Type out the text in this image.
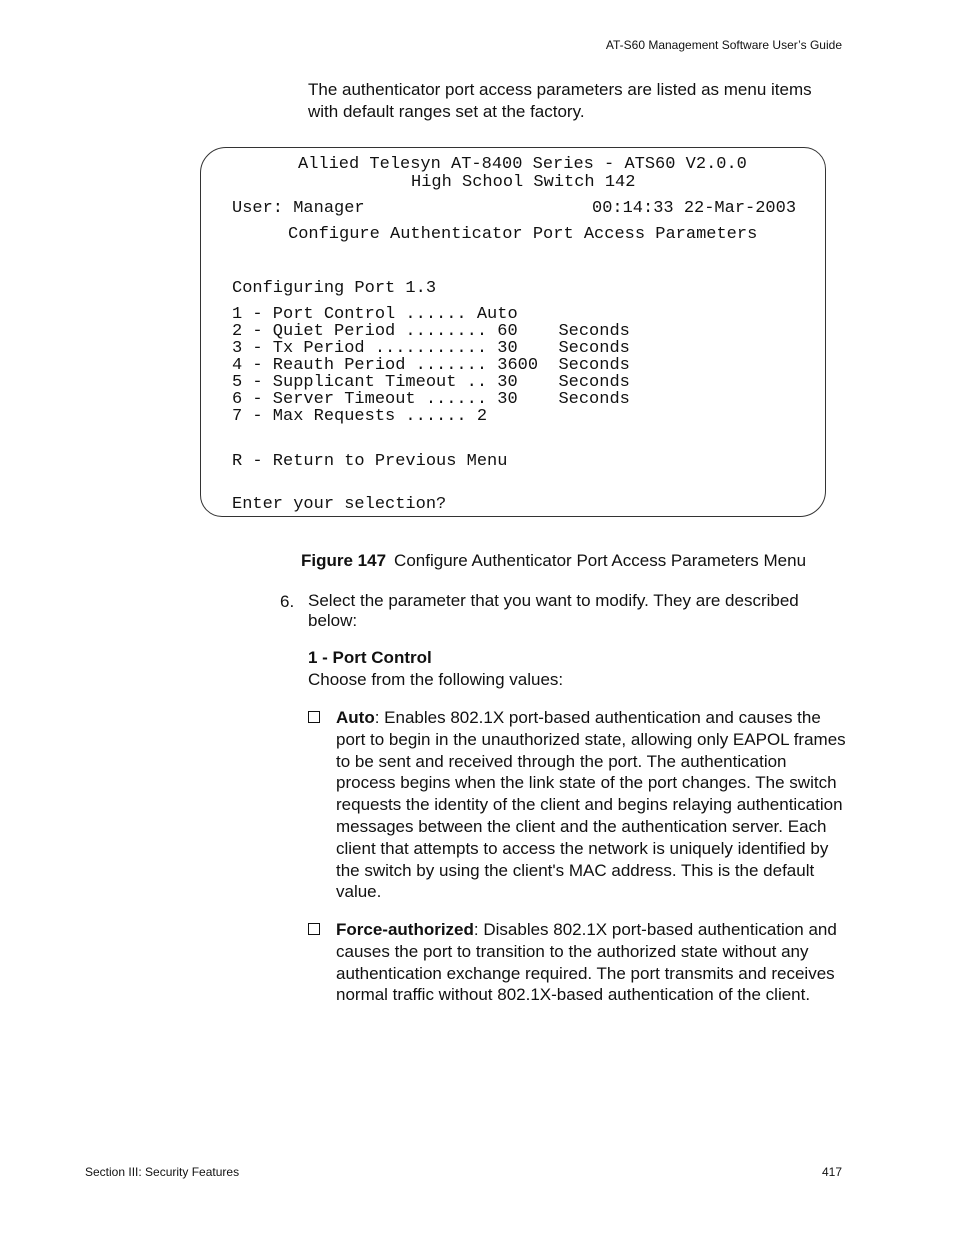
AT-S60 Management Software User’s Guide
The authenticator port access parameters are listed as menu items with default ranges set at the factory.
Allied Telesyn AT-8400 Series - ATS60 V2.0.0
High School Switch 142
User: Manager	00:14:33 22-Mar-2003
Configure Authenticator Port Access Parameters
Configuring Port 1.3
1 - Port Control ...... Auto
2 - Quiet Period ........ 60    Seconds
3 - Tx Period ........... 30    Seconds
4 - Reauth Period ....... 3600  Seconds
5 - Supplicant Timeout .. 30    Seconds
6 - Server Timeout ...... 30    Seconds
7 - Max Requests ...... 2
R - Return to Previous Menu
Enter your selection?
Figure 147 Configure Authenticator Port Access Parameters Menu
6. Select the parameter that you want to modify. They are described below:
1 - Port Control
Choose from the following values:
Auto: Enables 802.1X port-based authentication and causes the port to begin in the unauthorized state, allowing only EAPOL frames to be sent and received through the port. The authentication process begins when the link state of the port changes. The switch requests the identity of the client and begins relaying authentication messages between the client and the authentication server. Each client that attempts to access the network is uniquely identified by the switch by using the client's MAC address. This is the default value.
Force-authorized: Disables 802.1X port-based authentication and causes the port to transition to the authorized state without any authentication exchange required. The port transmits and receives normal traffic without 802.1X-based authentication of the client.
Section III: Security Features	417
